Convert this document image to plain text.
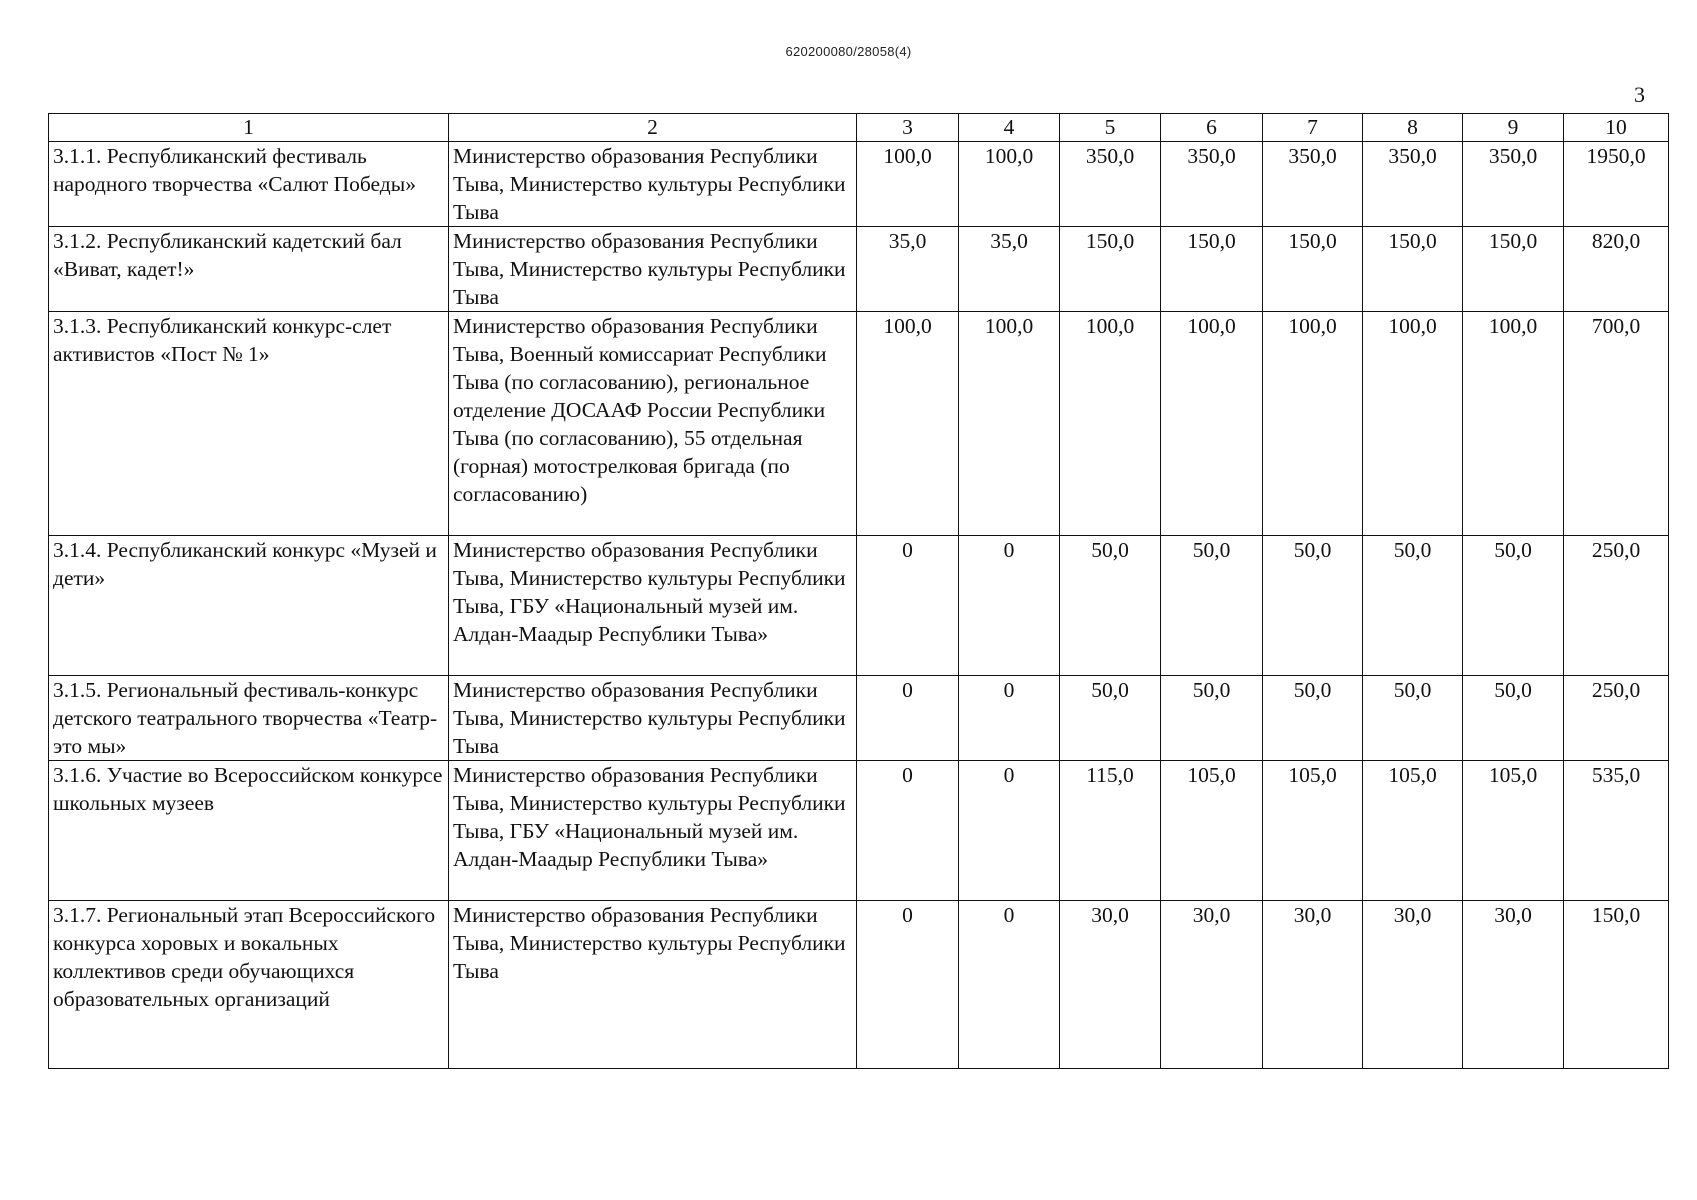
620200080/28058(4)
3
1	2	3	4	5	6	7	8	9	10
3.1.1. Республиканский фестиваль народного творчества «Салют Победы»	Министерство образования Республики Тыва, Министерство культуры Республики Тыва	100,0	100,0	350,0	350,0	350,0	350,0	350,0	1950,0
3.1.2. Республиканский кадетский бал «Виват, кадет!»	Министерство образования Республики Тыва, Министерство культуры Республики Тыва	35,0	35,0	150,0	150,0	150,0	150,0	150,0	820,0
3.1.3. Республиканский конкурс-слет активистов «Пост № 1»	Министерство образования Республики Тыва, Военный комиссариат Республики Тыва (по согласованию), региональное отделение ДОСААФ России Республики Тыва (по согласованию), 55 отдельная (горная) мотострелковая бригада (по согласованию)	100,0	100,0	100,0	100,0	100,0	100,0	100,0	700,0
3.1.4. Республиканский конкурс «Музей и дети»	Министерство образования Республики Тыва, Министерство культуры Республики Тыва, ГБУ «Национальный музей им. Алдан-Маадыр Республики Тыва»	0	0	50,0	50,0	50,0	50,0	50,0	250,0
3.1.5. Региональный фестиваль-конкурс детского театрального творчества «Театр- это мы»	Министерство образования Республики Тыва, Министерство культуры Республики Тыва	0	0	50,0	50,0	50,0	50,0	50,0	250,0
3.1.6. Участие во Всероссийском конкурсе школьных музеев	Министерство образования Республики Тыва, Министерство культуры Республики Тыва, ГБУ «Национальный музей им. Алдан-Маадыр Республики Тыва»	0	0	115,0	105,0	105,0	105,0	105,0	535,0
3.1.7. Региональный этап Всероссийского конкурса хоровых и вокальных коллективов среди обучающихся образовательных организаций	Министерство образования Республики Тыва, Министерство культуры Республики Тыва	0	0	30,0	30,0	30,0	30,0	30,0	150,0
